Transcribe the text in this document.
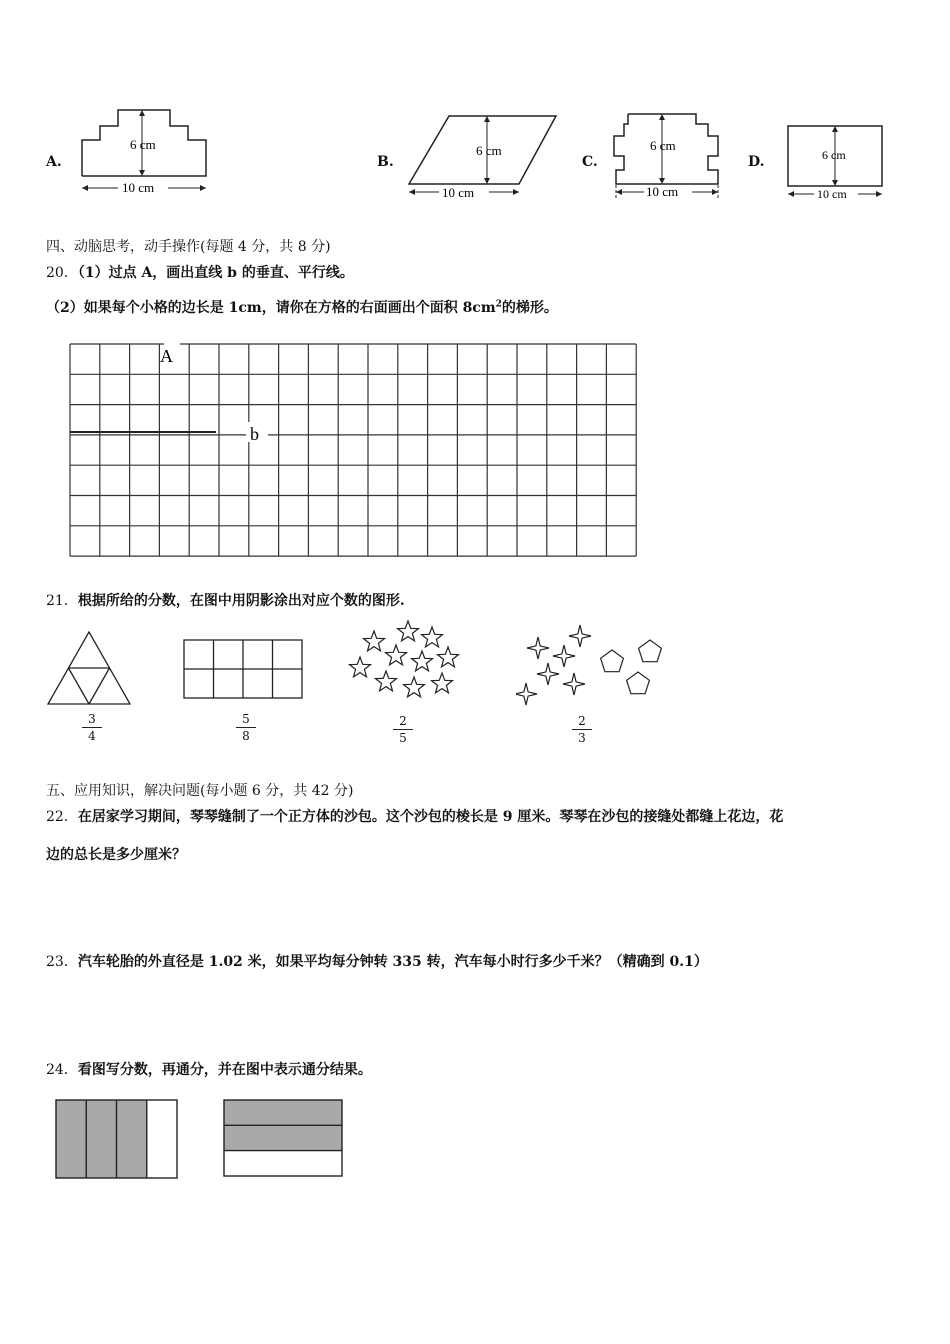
A.
6 cm
10 cm
B.
6 cm
10 cm
C.
6 cm
10 cm
D.	6 cm
10 cm
四、动脑思考，动手操作(每题 4 分，共 8 分)
20．（1）过点 A，画出直线 b 的垂直、平行线。
（2）如果每个小格的边长是 1cm，请你在方格的右面画出个面积 $8cm^2$的梯形。
A
b
21．根据所给的分数，在图中用阴影涂出对应个数的图形.
3
4
5
8
2
5
2
3
五、应用知识，解决问题(每小题 6 分，共 42 分)
22．在居家学习期间，琴琴缝制了一个正方体的沙包。这个沙包的棱长是 9 厘米。琴琴在沙包的接缝处都缝上花边，花
边的总长是多少厘米？
23．汽车轮胎的外直径是 1.02 米，如果平均每分钟转 335 转，汽车每小时行多少千米？（精确到 0.1）
24．看图写分数，再通分，并在图中表示通分结果。
